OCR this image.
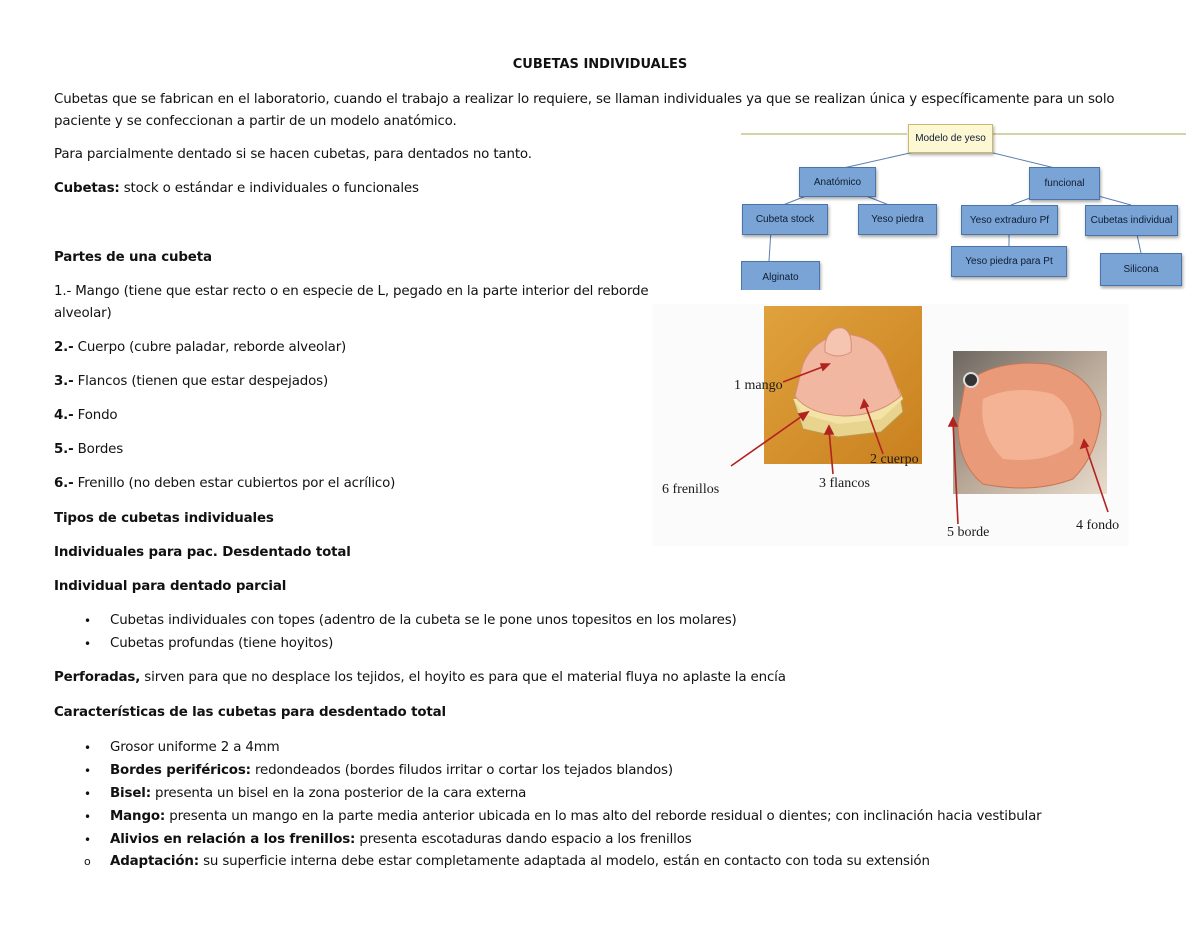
CUBETAS INDIVIDUALES
Cubetas que se fabrican en el laboratorio, cuando el trabajo a realizar lo requiere, se llaman individuales ya que se realizan única y específicamente para un solo
paciente y se confeccionan a partir de un modelo anatómico.
Para parcialmente dentado si se hacen cubetas, para dentados no tanto.
Cubetas: stock o estándar e individuales o funcionales
Partes de una cubeta
1.- Mango (tiene que estar recto o en especie de L, pegado en la parte interior del reborde
alveolar)
2.- Cuerpo (cubre paladar, reborde alveolar)
3.- Flancos (tienen que estar despejados)
4.- Fondo
5.- Bordes
6.- Frenillo (no deben estar cubiertos por el acrílico)
Tipos de cubetas individuales
Individuales para pac. Desdentado total
Individual para dentado parcial
• Cubetas individuales con topes (adentro de la cubeta se le pone unos topesitos en los molares)
• Cubetas profundas (tiene hoyitos)
Perforadas, sirven para que no desplace los tejidos, el hoyito es para que el material fluya no aplaste la encía
Características de las cubetas para desdentado total
• Grosor uniforme 2 a 4mm
• Bordes periféricos: redondeados (bordes filudos irritar o cortar los tejados blandos)
• Bisel: presenta un bisel en la zona posterior de la cara externa
• Mango: presenta un mango en la parte media anterior ubicada en lo mas alto del reborde residual o dientes; con inclinación hacia vestibular
• Alivios en relación a los frenillos: presenta escotaduras dando espacio a los frenillos
o Adaptación: su superficie interna debe estar completamente adaptada al modelo, están en contacto con toda su extensión
Modelo de yeso
Anatómico	funcional
Cubeta stock	Yeso piedra	Yeso extraduro Pf	Cubetas individual
Alginato
Yeso piedra para Pt
Silicona
1 mango
2 cuerpo
3 flancos
6 frenillos
5 borde	4 fondo
